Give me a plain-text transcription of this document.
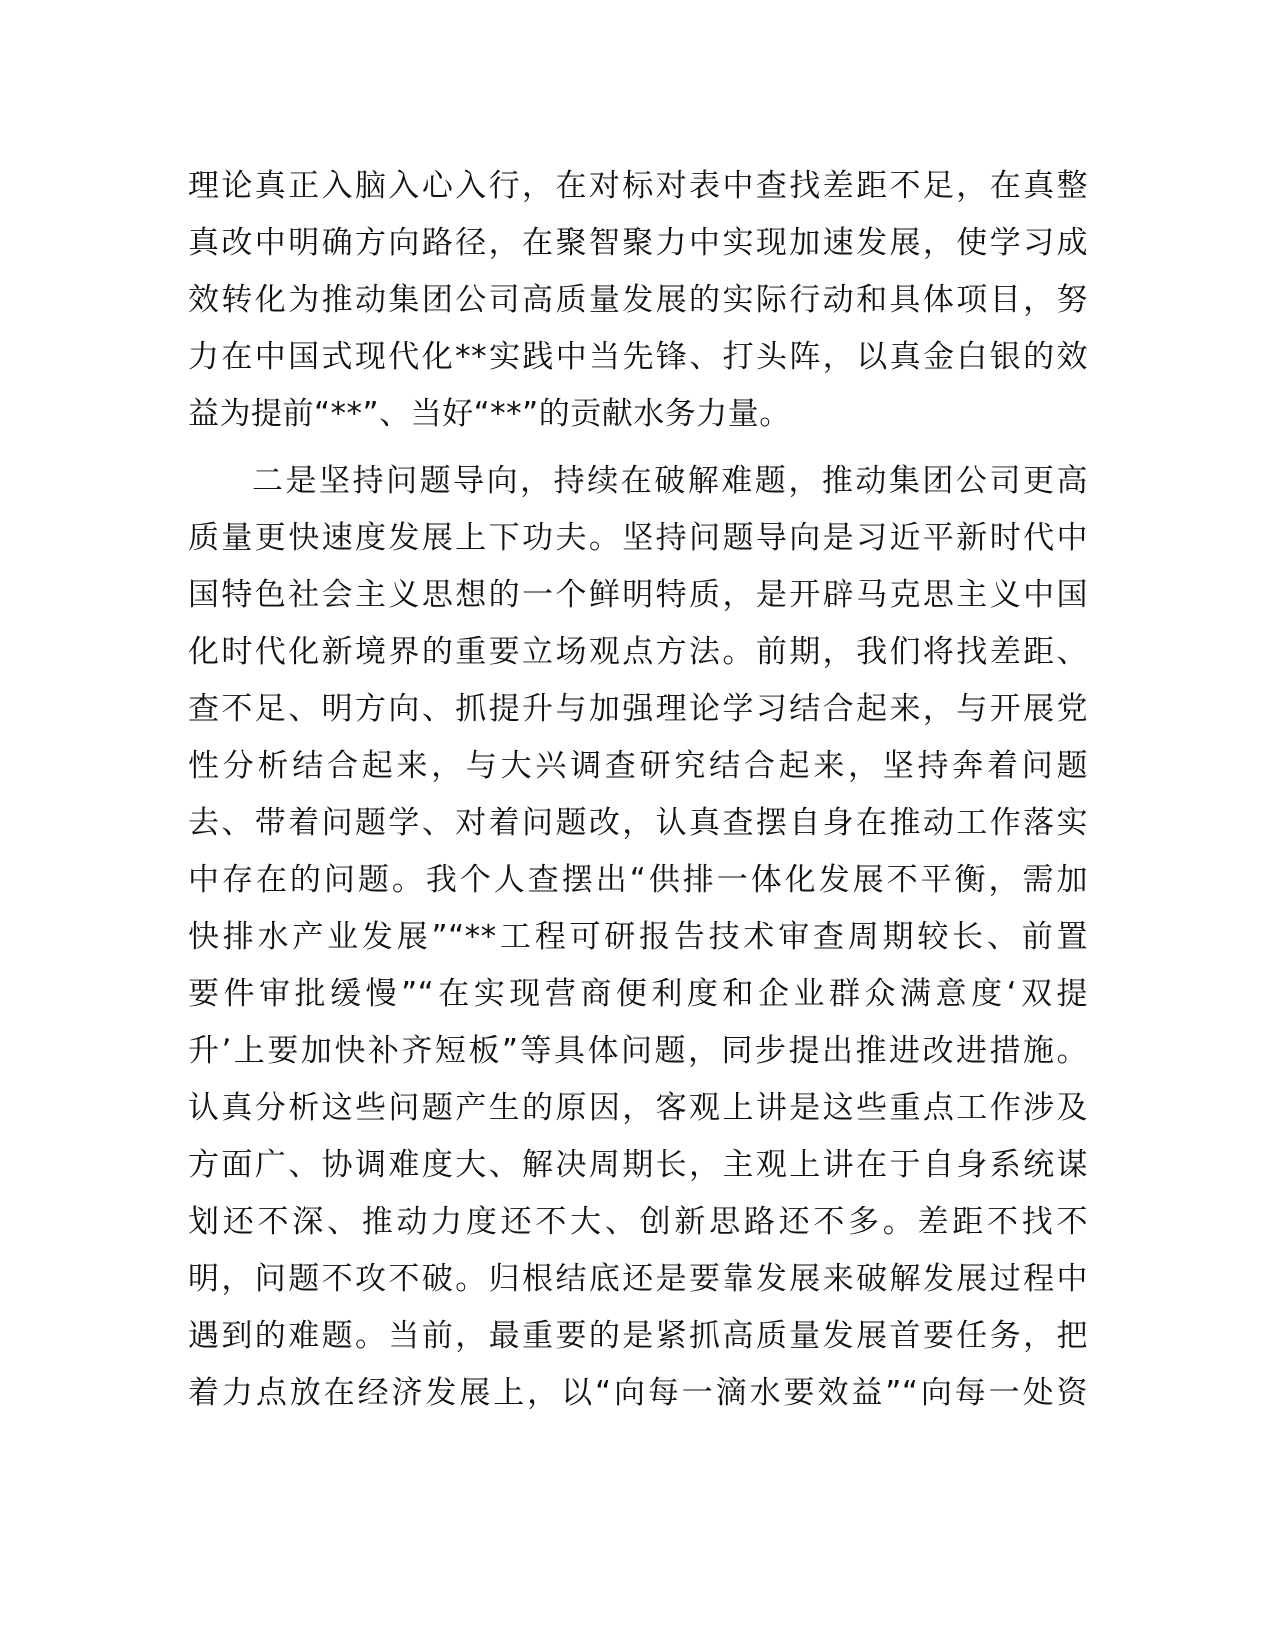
理论真正入脑入心入行，在对标对表中查找差距不足，在真整
真改中明确方向路径，在聚智聚力中实现加速发展，使学习成
效转化为推动集团公司高质量发展的实际行动和具体项目，努
力在中国式现代化**实践中当先锋、打头阵，以真金白银的效
益为提前“**”、当好“**”的贡献水务力量。
二是坚持问题导向，持续在破解难题，推动集团公司更高
质量更快速度发展上下功夫。坚持问题导向是习近平新时代中
国特色社会主义思想的一个鲜明特质，是开辟马克思主义中国
化时代化新境界的重要立场观点方法。前期，我们将找差距、
查不足、明方向、抓提升与加强理论学习结合起来，与开展党
性分析结合起来，与大兴调查研究结合起来，坚持奔着问题
去、带着问题学、对着问题改，认真查摆自身在推动工作落实
中存在的问题。我个人查摆出“供排一体化发展不平衡，需加
快排水产业发展”“**工程可研报告技术审查周期较长、前置
要件审批缓慢”“在实现营商便利度和企业群众满意度‘双提
升’上要加快补齐短板”等具体问题，同步提出推进改进措施。
认真分析这些问题产生的原因，客观上讲是这些重点工作涉及
方面广、协调难度大、解决周期长，主观上讲在于自身系统谋
划还不深、推动力度还不大、创新思路还不多。差距不找不
明，问题不攻不破。归根结底还是要靠发展来破解发展过程中
遇到的难题。当前，最重要的是紧抓高质量发展首要任务，把
着力点放在经济发展上，以“向每一滴水要效益”“向每一处资
